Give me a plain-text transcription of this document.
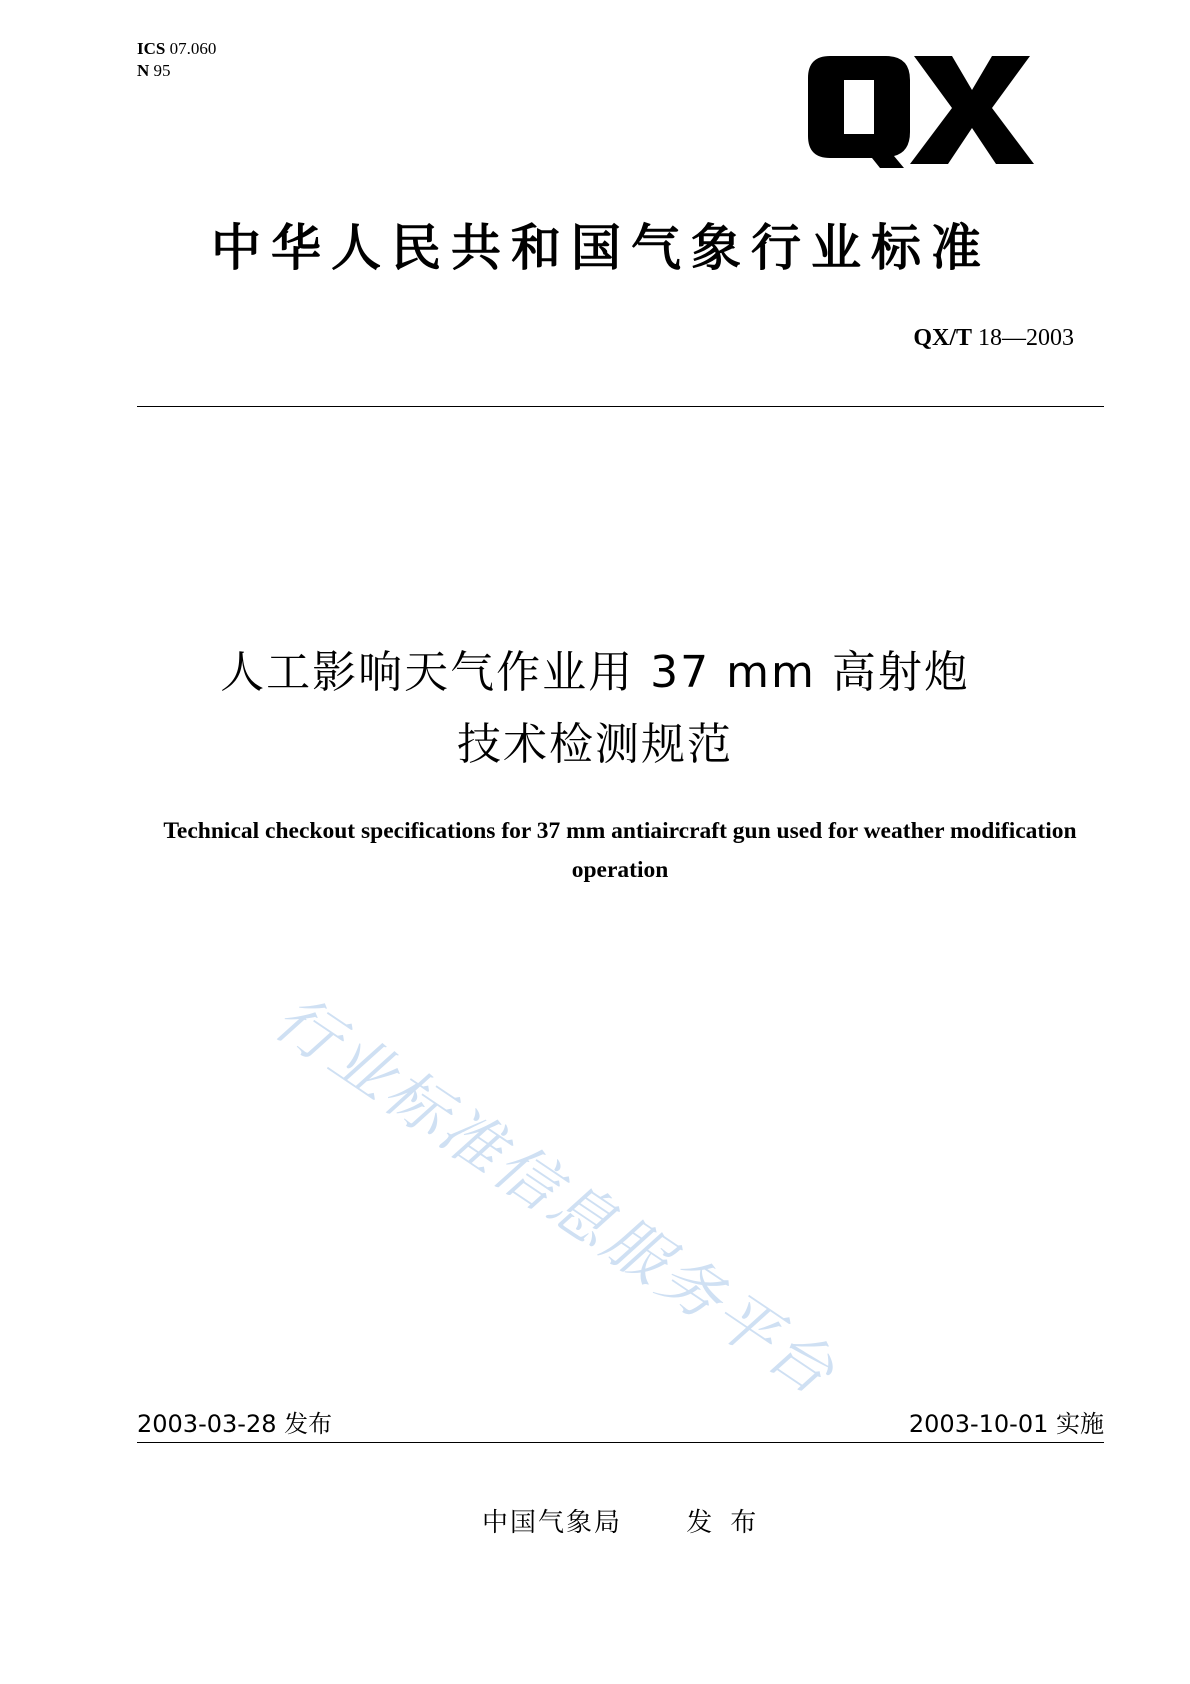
ICS 07.060
N 95
中华人民共和国气象行业标准
QX/T 18—2003
人工影响天气作业用 37 mm 高射炮
技术检测规范
Technical checkout specifications for 37 mm antiaircraft gun used for weather modification operation
行业标准信息服务平台
2003-03-28 发布	2003-10-01 实施
中国气象局 发布
